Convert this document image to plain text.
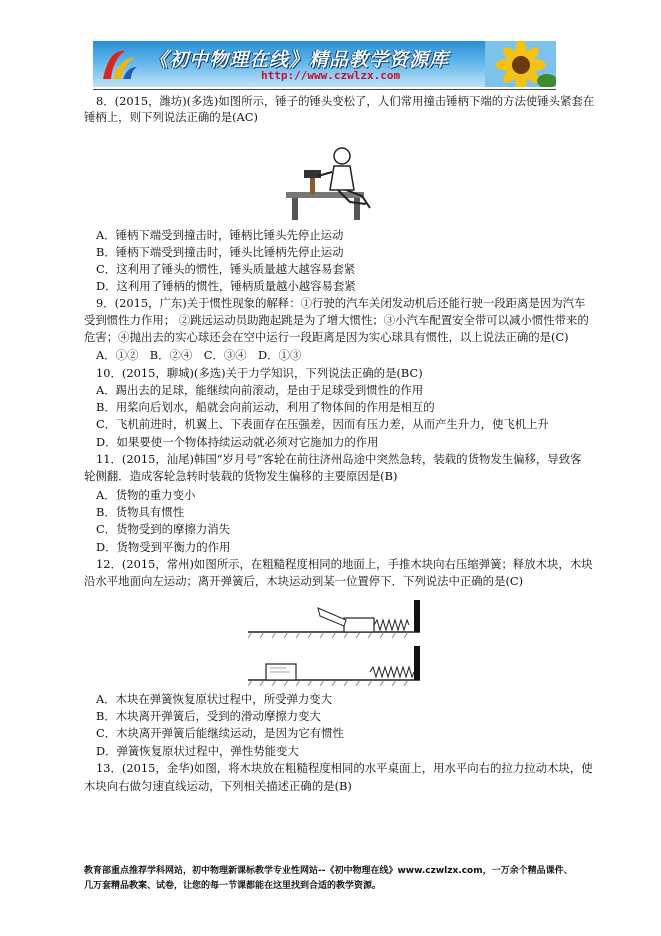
《初中物理在线》精品教学资源库
http://www.czwlzx.com
8．(2015，潍坊)(多选)如图所示，锤子的锤头变松了，人们常用撞击锤柄下端的方法使锤头紧套在
锤柄上，则下列说法正确的是(AC)
A．锤柄下端受到撞击时，锤柄比锤头先停止运动
B．锤柄下端受到撞击时，锤头比锤柄先停止运动
C．这利用了锤头的惯性，锤头质量越大越容易套紧
D．这利用了锤柄的惯性，锤柄质量越小越容易套紧
9．(2015，广东)关于惯性现象的解释：①行驶的汽车关闭发动机后还能行驶一段距离是因为汽车
受到惯性力作用； ②跳远运动员助跑起跳是为了增大惯性；③小汽车配置安全带可以减小惯性带来的
危害；④抛出去的实心球还会在空中运行一段距离是因为实心球具有惯性，以上说法正确的是(C)
A．①②　B．②④　C．③④　D．①③
10．(2015，聊城)(多选)关于力学知识，下列说法正确的是(BC)
A．踢出去的足球，能继续向前滚动，是由于足球受到惯性的作用
B．用桨向后划水，船就会向前运动，利用了物体间的作用是相互的
C．飞机前进时，机翼上、下表面存在压强差，因而有压力差，从而产生升力，使飞机上升
D．如果要使一个物体持续运动就必须对它施加力的作用
11．(2015，汕尾)韩国“岁月号”客轮在前往济州岛途中突然急转，装载的货物发生偏移，导致客
轮侧翻．造成客轮急转时装载的货物发生偏移的主要原因是(B)
A．货物的重力变小
B．货物具有惯性
C．货物受到的摩擦力消失
D．货物受到平衡力的作用
12．(2015，常州)如图所示，在粗糙程度相同的地面上，手推木块向右压缩弹簧；释放木块，木块
沿水平地面向左运动；离开弹簧后，木块运动到某一位置停下．下列说法中正确的是(C)
A．木块在弹簧恢复原状过程中，所受弹力变大
B．木块离开弹簧后，受到的滑动摩擦力变大
C．木块离开弹簧后能继续运动，是因为它有惯性
D．弹簧恢复原状过程中，弹性势能变大
13．(2015，金华)如图，将木块放在粗糙程度相同的水平桌面上，用水平向右的拉力拉动木块，使
木块向右做匀速直线运动，下列相关描述正确的是(B)
教育部重点推荐学科网站，初中物理新课标教学专业性网站--《初中物理在线》www.czwlzx.com，一万余个精品课件、
几万套精品教案、试卷，让您的每一节课都能在这里找到合适的教学资源。
